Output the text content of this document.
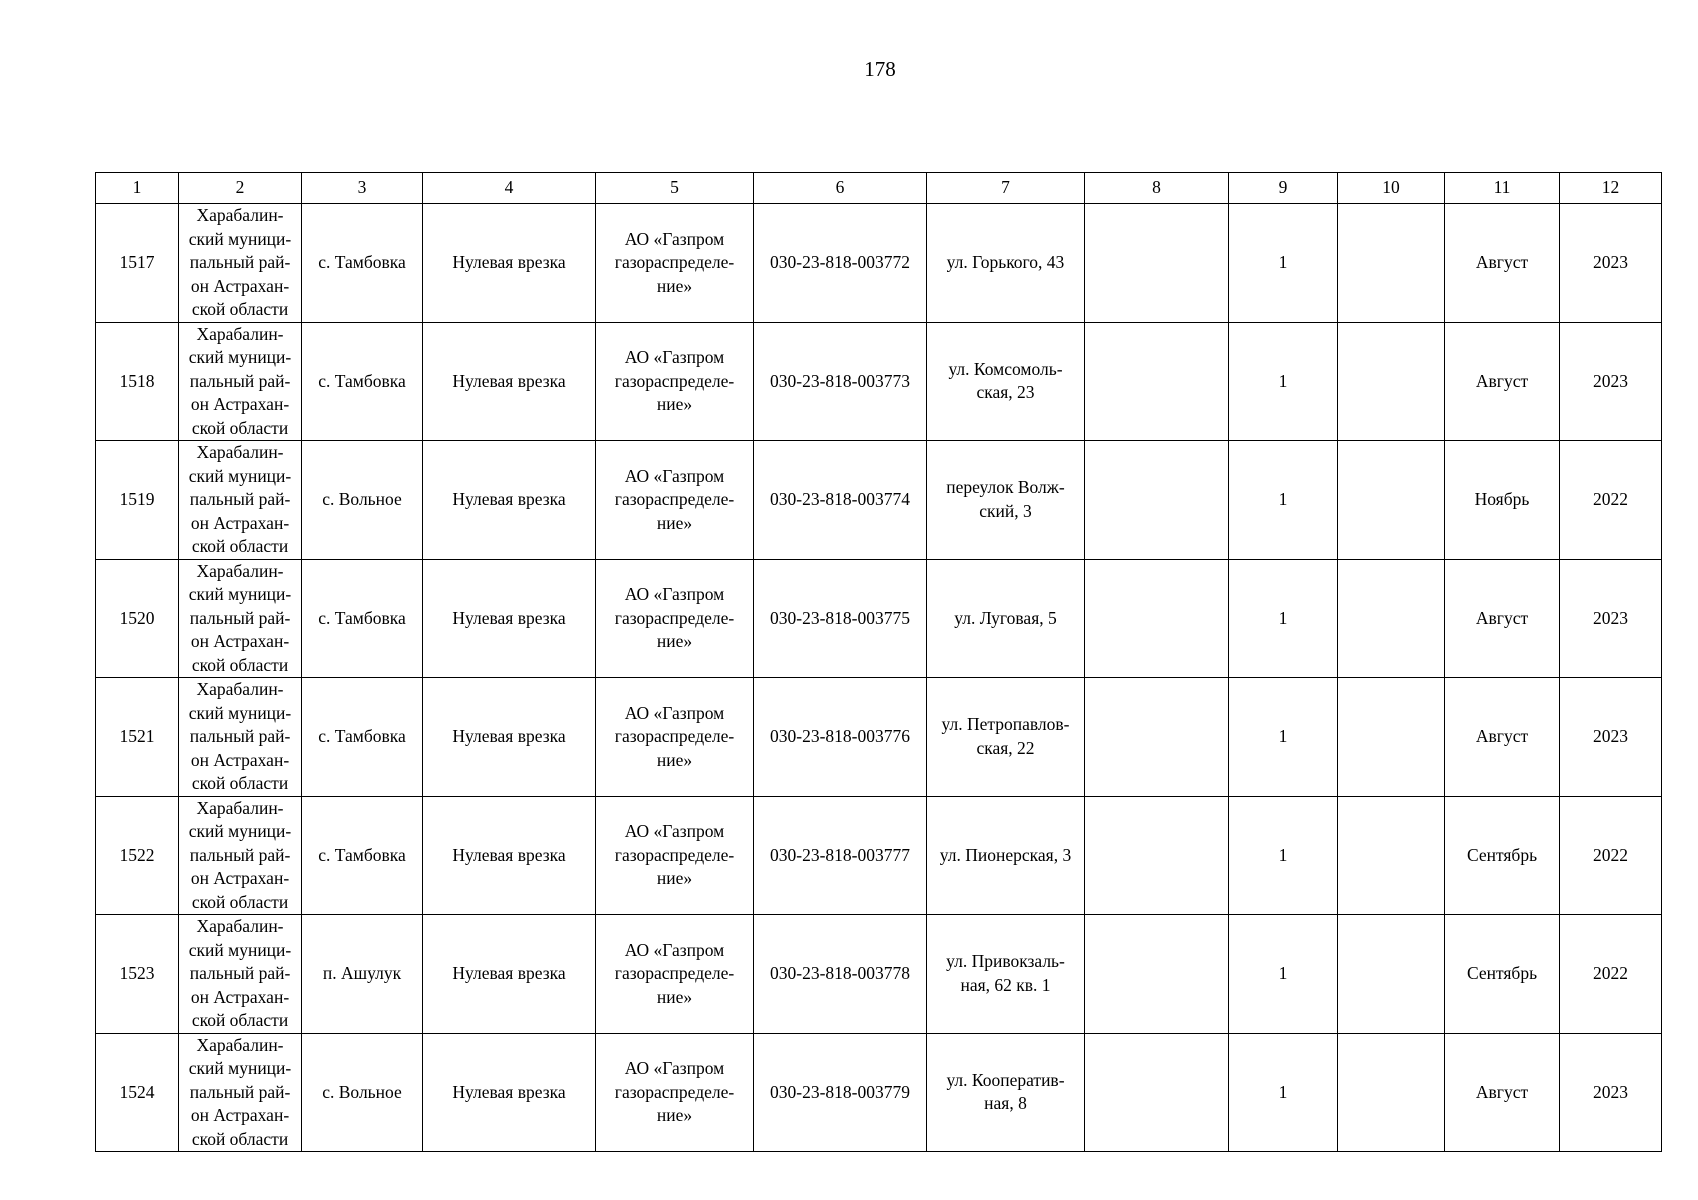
178
1	2	3	4	5	6	7	8	9	10	11	12
1517	Харабалин-
ский муници-
пальный рай-
он Астрахан-
ской области	с. Тамбовка	Нулевая врезка	АО «Газпром
газораспределе-
ние»	030-23-818-003772	ул. Горького, 43		1		Август	2023
1518	Харабалин-
ский муници-
пальный рай-
он Астрахан-
ской области	с. Тамбовка	Нулевая врезка	АО «Газпром
газораспределе-
ние»	030-23-818-003773	ул. Комсомоль-
ская, 23		1		Август	2023
1519	Харабалин-
ский муници-
пальный рай-
он Астрахан-
ской области	с. Вольное	Нулевая врезка	АО «Газпром
газораспределе-
ние»	030-23-818-003774	переулок Волж-
ский, 3		1		Ноябрь	2022
1520	Харабалин-
ский муници-
пальный рай-
он Астрахан-
ской области	с. Тамбовка	Нулевая врезка	АО «Газпром
газораспределе-
ние»	030-23-818-003775	ул. Луговая, 5		1		Август	2023
1521	Харабалин-
ский муници-
пальный рай-
он Астрахан-
ской области	с. Тамбовка	Нулевая врезка	АО «Газпром
газораспределе-
ние»	030-23-818-003776	ул. Петропавлов-
ская, 22		1		Август	2023
1522	Харабалин-
ский муници-
пальный рай-
он Астрахан-
ской области	с. Тамбовка	Нулевая врезка	АО «Газпром
газораспределе-
ние»	030-23-818-003777	ул. Пионерская, 3		1		Сентябрь	2022
1523	Харабалин-
ский муници-
пальный рай-
он Астрахан-
ской области	п. Ашулук	Нулевая врезка	АО «Газпром
газораспределе-
ние»	030-23-818-003778	ул. Привокзаль-
ная, 62 кв. 1		1		Сентябрь	2022
1524	Харабалин-
ский муници-
пальный рай-
он Астрахан-
ской области	с. Вольное	Нулевая врезка	АО «Газпром
газораспределе-
ние»	030-23-818-003779	ул. Кооператив-
ная, 8		1		Август	2023
